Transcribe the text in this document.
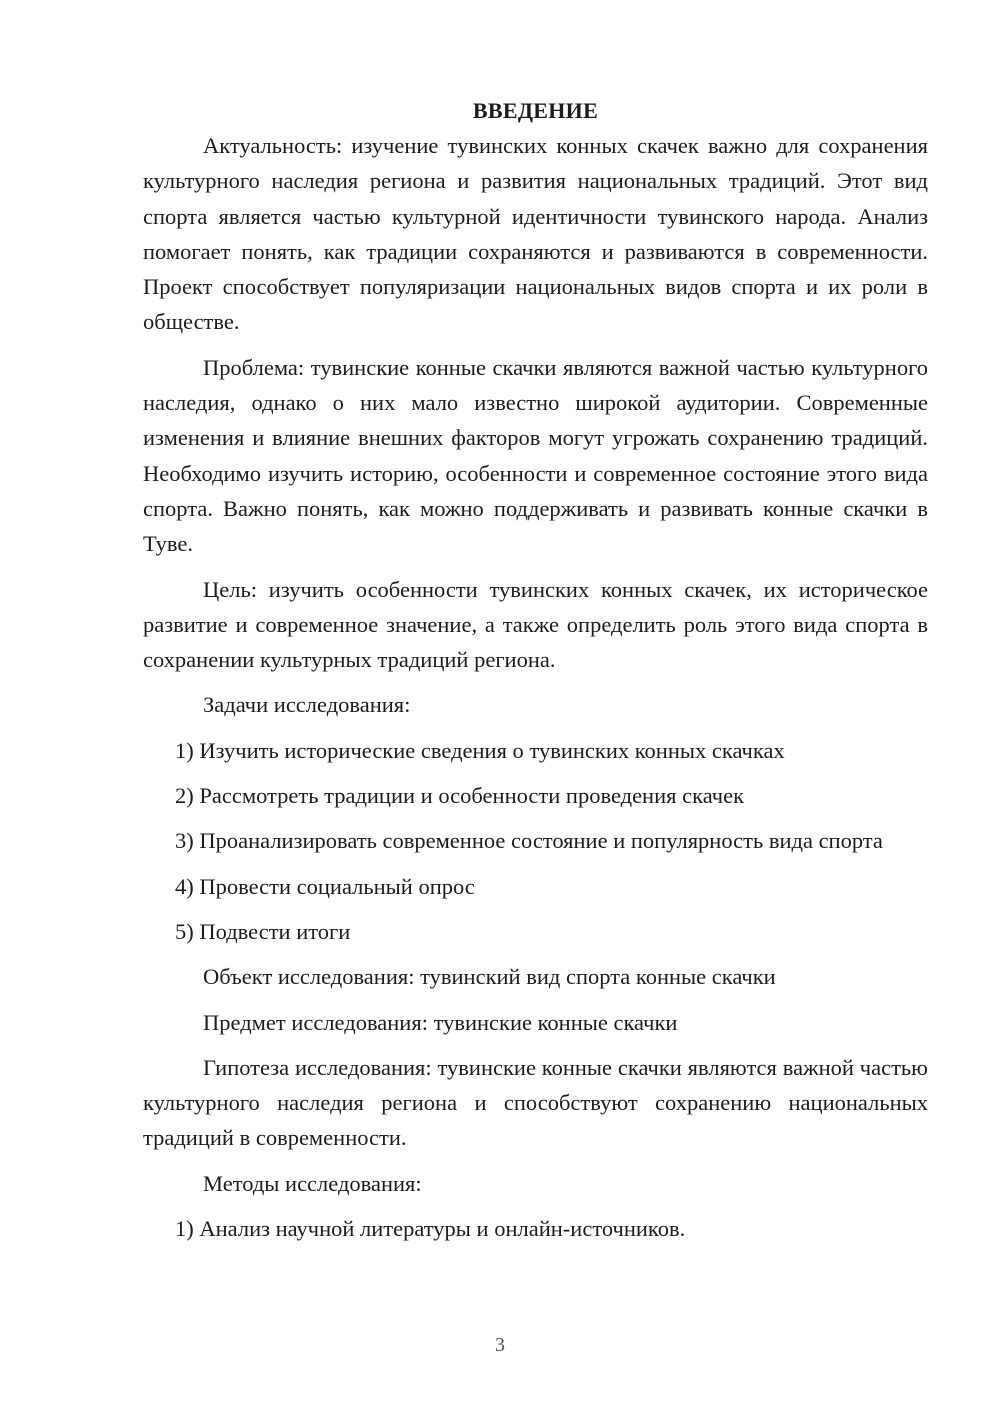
ВВЕДЕНИЕ

Актуальность: изучение тувинских конных скачек важно для сохранения культурного наследия региона и развития национальных традиций. Этот вид спорта является частью культурной идентичности тувинского народа. Анализ помогает понять, как традиции сохраняются и развиваются в современности. Проект способствует популяризации национальных видов спорта и их роли в обществе.

Проблема: тувинские конные скачки являются важной частью культурного наследия, однако о них мало известно широкой аудитории. Современные изменения и влияние внешних факторов могут угрожать сохранению традиций. Необходимо изучить историю, особенности и современное состояние этого вида спорта. Важно понять, как можно поддерживать и развивать конные скачки в Туве.

Цель: изучить особенности тувинских конных скачек, их историческое развитие и современное значение, а также определить роль этого вида спорта в сохранении культурных традиций региона.

Задачи исследования:

1) Изучить исторические сведения о тувинских конных скачках

2) Рассмотреть традиции и особенности проведения скачек

3) Проанализировать современное состояние и популярность вида спорта

4) Провести социальный опрос

5) Подвести итоги

Объект исследования: тувинский вид спорта конные скачки

Предмет исследования: тувинские конные скачки

Гипотеза исследования: тувинские конные скачки являются важной частью культурного наследия региона и способствуют сохранению национальных традиций в современности.

Методы исследования:

1) Анализ научной литературы и онлайн-источников.

3
